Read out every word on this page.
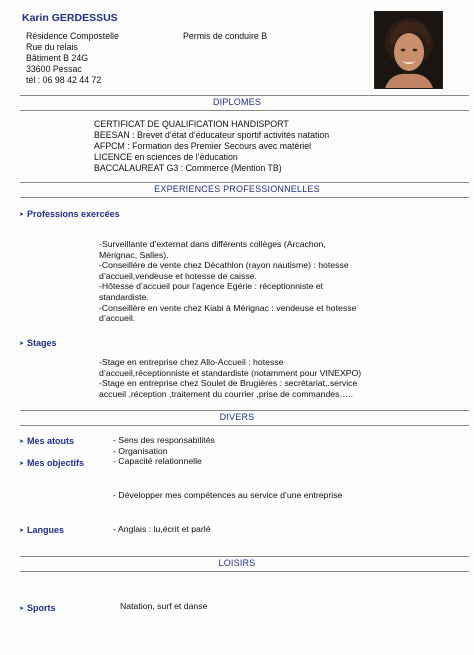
Karin GERDESSUS
Résidence Compostelle
Rue du relais
Bâtiment B 24G
33600 Pessac
tél : 06 98 42 44 72
Permis de conduire B
DIPLOMES
CERTIFICAT DE QUALIFICATION HANDISPORT
BEESAN : Brevet d’état d’éducateur sportif activités natation
AFPCM : Formation des Premier Secours avec matériel
LICENCE en sciences de l’éducation
BACCALAUREAT G3 : Commerce (Mention TB)
EXPERIENCES PROFESSIONNELLES
➤ Professions exercées
-Surveillante d’externat dans différents collèges (Arcachon,
Mérignac, Salles).
-Conseillère de vente chez Décathlon (rayon nautisme) : hotesse
d’accueil,vendeuse et hotesse de caisse.
-Hôtesse d’accueil pour l’agence Egérie : réceptionniste et
standardiste.
-Conseillère en vente chez Kiabi à Mérignac : vendeuse et hotesse
d’accueil.
➤ Stages
-Stage en entreprise chez Allo-Accueil : hotesse
d’accueil,réceptionniste et standardiste (notamment pour VINEXPO)
-Stage en entreprise chez Soulet de Brugières : secrétariat,.service
accueil ,réception ,traitement du courrier ,prise de commandes…..
DIVERS
➤ Mes atouts
➤ Mes objectifs
- Sens des responsabilités
- Organisation
- Capacité relationnelle
- Développer mes compétences au service d’une entreprise
➤ Langues	- Anglais : lu,écrit et parlé
LOISIRS
➤ Sports	Natation, surf et danse
